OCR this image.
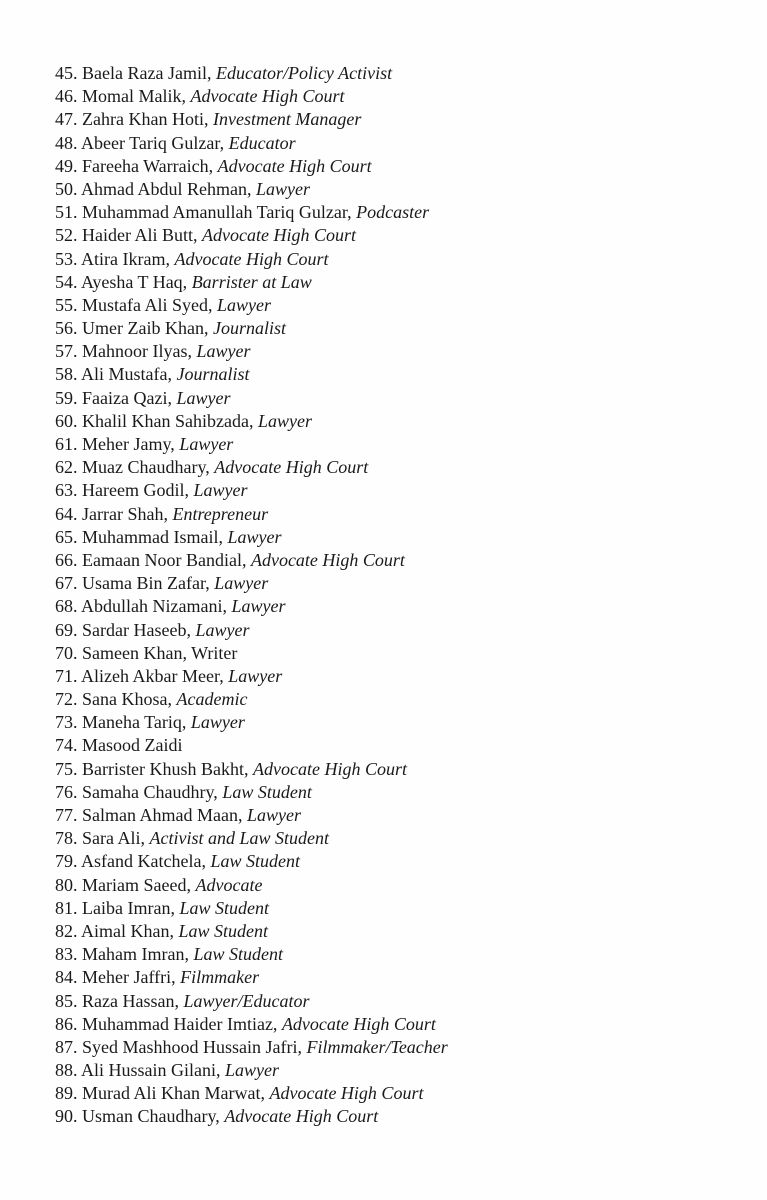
45. Baela Raza Jamil, Educator/Policy Activist
46. Momal Malik, Advocate High Court
47. Zahra Khan Hoti, Investment Manager
48. Abeer Tariq Gulzar, Educator
49. Fareeha Warraich, Advocate High Court
50. Ahmad Abdul Rehman, Lawyer
51. Muhammad Amanullah Tariq Gulzar, Podcaster
52. Haider Ali Butt, Advocate High Court
53. Atira Ikram, Advocate High Court
54. Ayesha T Haq, Barrister at Law
55. Mustafa Ali Syed, Lawyer
56. Umer Zaib Khan, Journalist
57. Mahnoor Ilyas, Lawyer
58. Ali Mustafa, Journalist
59. Faaiza Qazi, Lawyer
60. Khalil Khan Sahibzada, Lawyer
61. Meher Jamy, Lawyer
62. Muaz Chaudhary, Advocate High Court
63. Hareem Godil, Lawyer
64. Jarrar Shah, Entrepreneur
65. Muhammad Ismail, Lawyer
66. Eamaan Noor Bandial, Advocate High Court
67. Usama Bin Zafar, Lawyer
68. Abdullah Nizamani, Lawyer
69. Sardar Haseeb, Lawyer
70. Sameen Khan, Writer
71. Alizeh Akbar Meer, Lawyer
72. Sana Khosa, Academic
73. Maneha Tariq, Lawyer
74. Masood Zaidi
75. Barrister Khush Bakht, Advocate High Court
76. Samaha Chaudhry, Law Student
77. Salman Ahmad Maan, Lawyer
78. Sara Ali, Activist and Law Student
79. Asfand Katchela, Law Student
80. Mariam Saeed, Advocate
81. Laiba Imran, Law Student
82. Aimal Khan, Law Student
83. Maham Imran, Law Student
84. Meher Jaffri, Filmmaker
85. Raza Hassan, Lawyer/Educator
86. Muhammad Haider Imtiaz, Advocate High Court
87. Syed Mashhood Hussain Jafri, Filmmaker/Teacher
88. Ali Hussain Gilani, Lawyer
89. Murad Ali Khan Marwat, Advocate High Court
90. Usman Chaudhary, Advocate High Court
